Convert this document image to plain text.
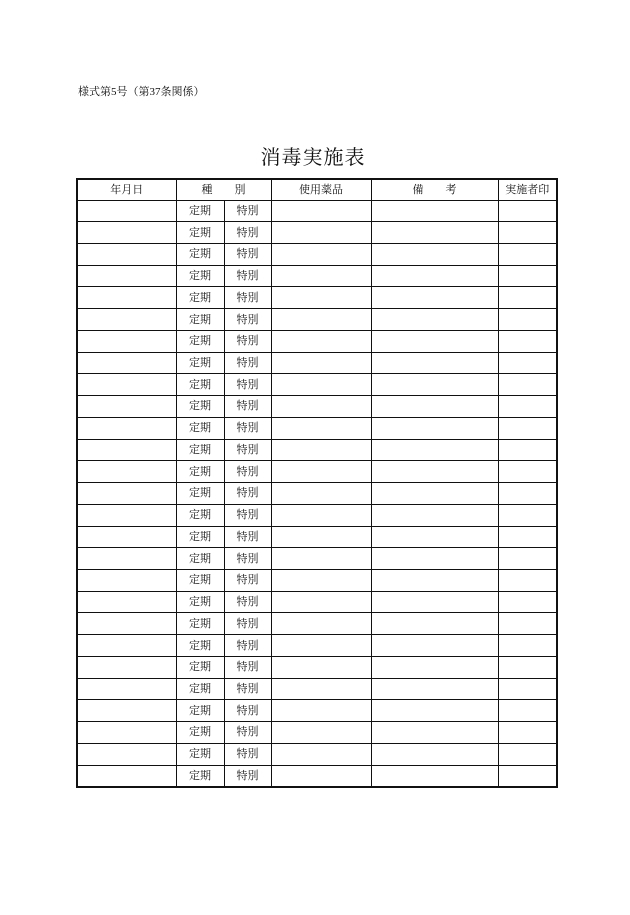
様式第5号（第37条関係）
消毒実施表
年月日	種　　別		使用薬品	備　　考	実施者印
	定期	特別			
	定期	特別			
	定期	特別			
	定期	特別			
	定期	特別			
	定期	特別			
	定期	特別			
	定期	特別			
	定期	特別			
	定期	特別			
	定期	特別			
	定期	特別			
	定期	特別			
	定期	特別			
	定期	特別			
	定期	特別			
	定期	特別			
	定期	特別			
	定期	特別			
	定期	特別			
	定期	特別			
	定期	特別			
	定期	特別			
	定期	特別			
	定期	特別			
	定期	特別			
	定期	特別			
